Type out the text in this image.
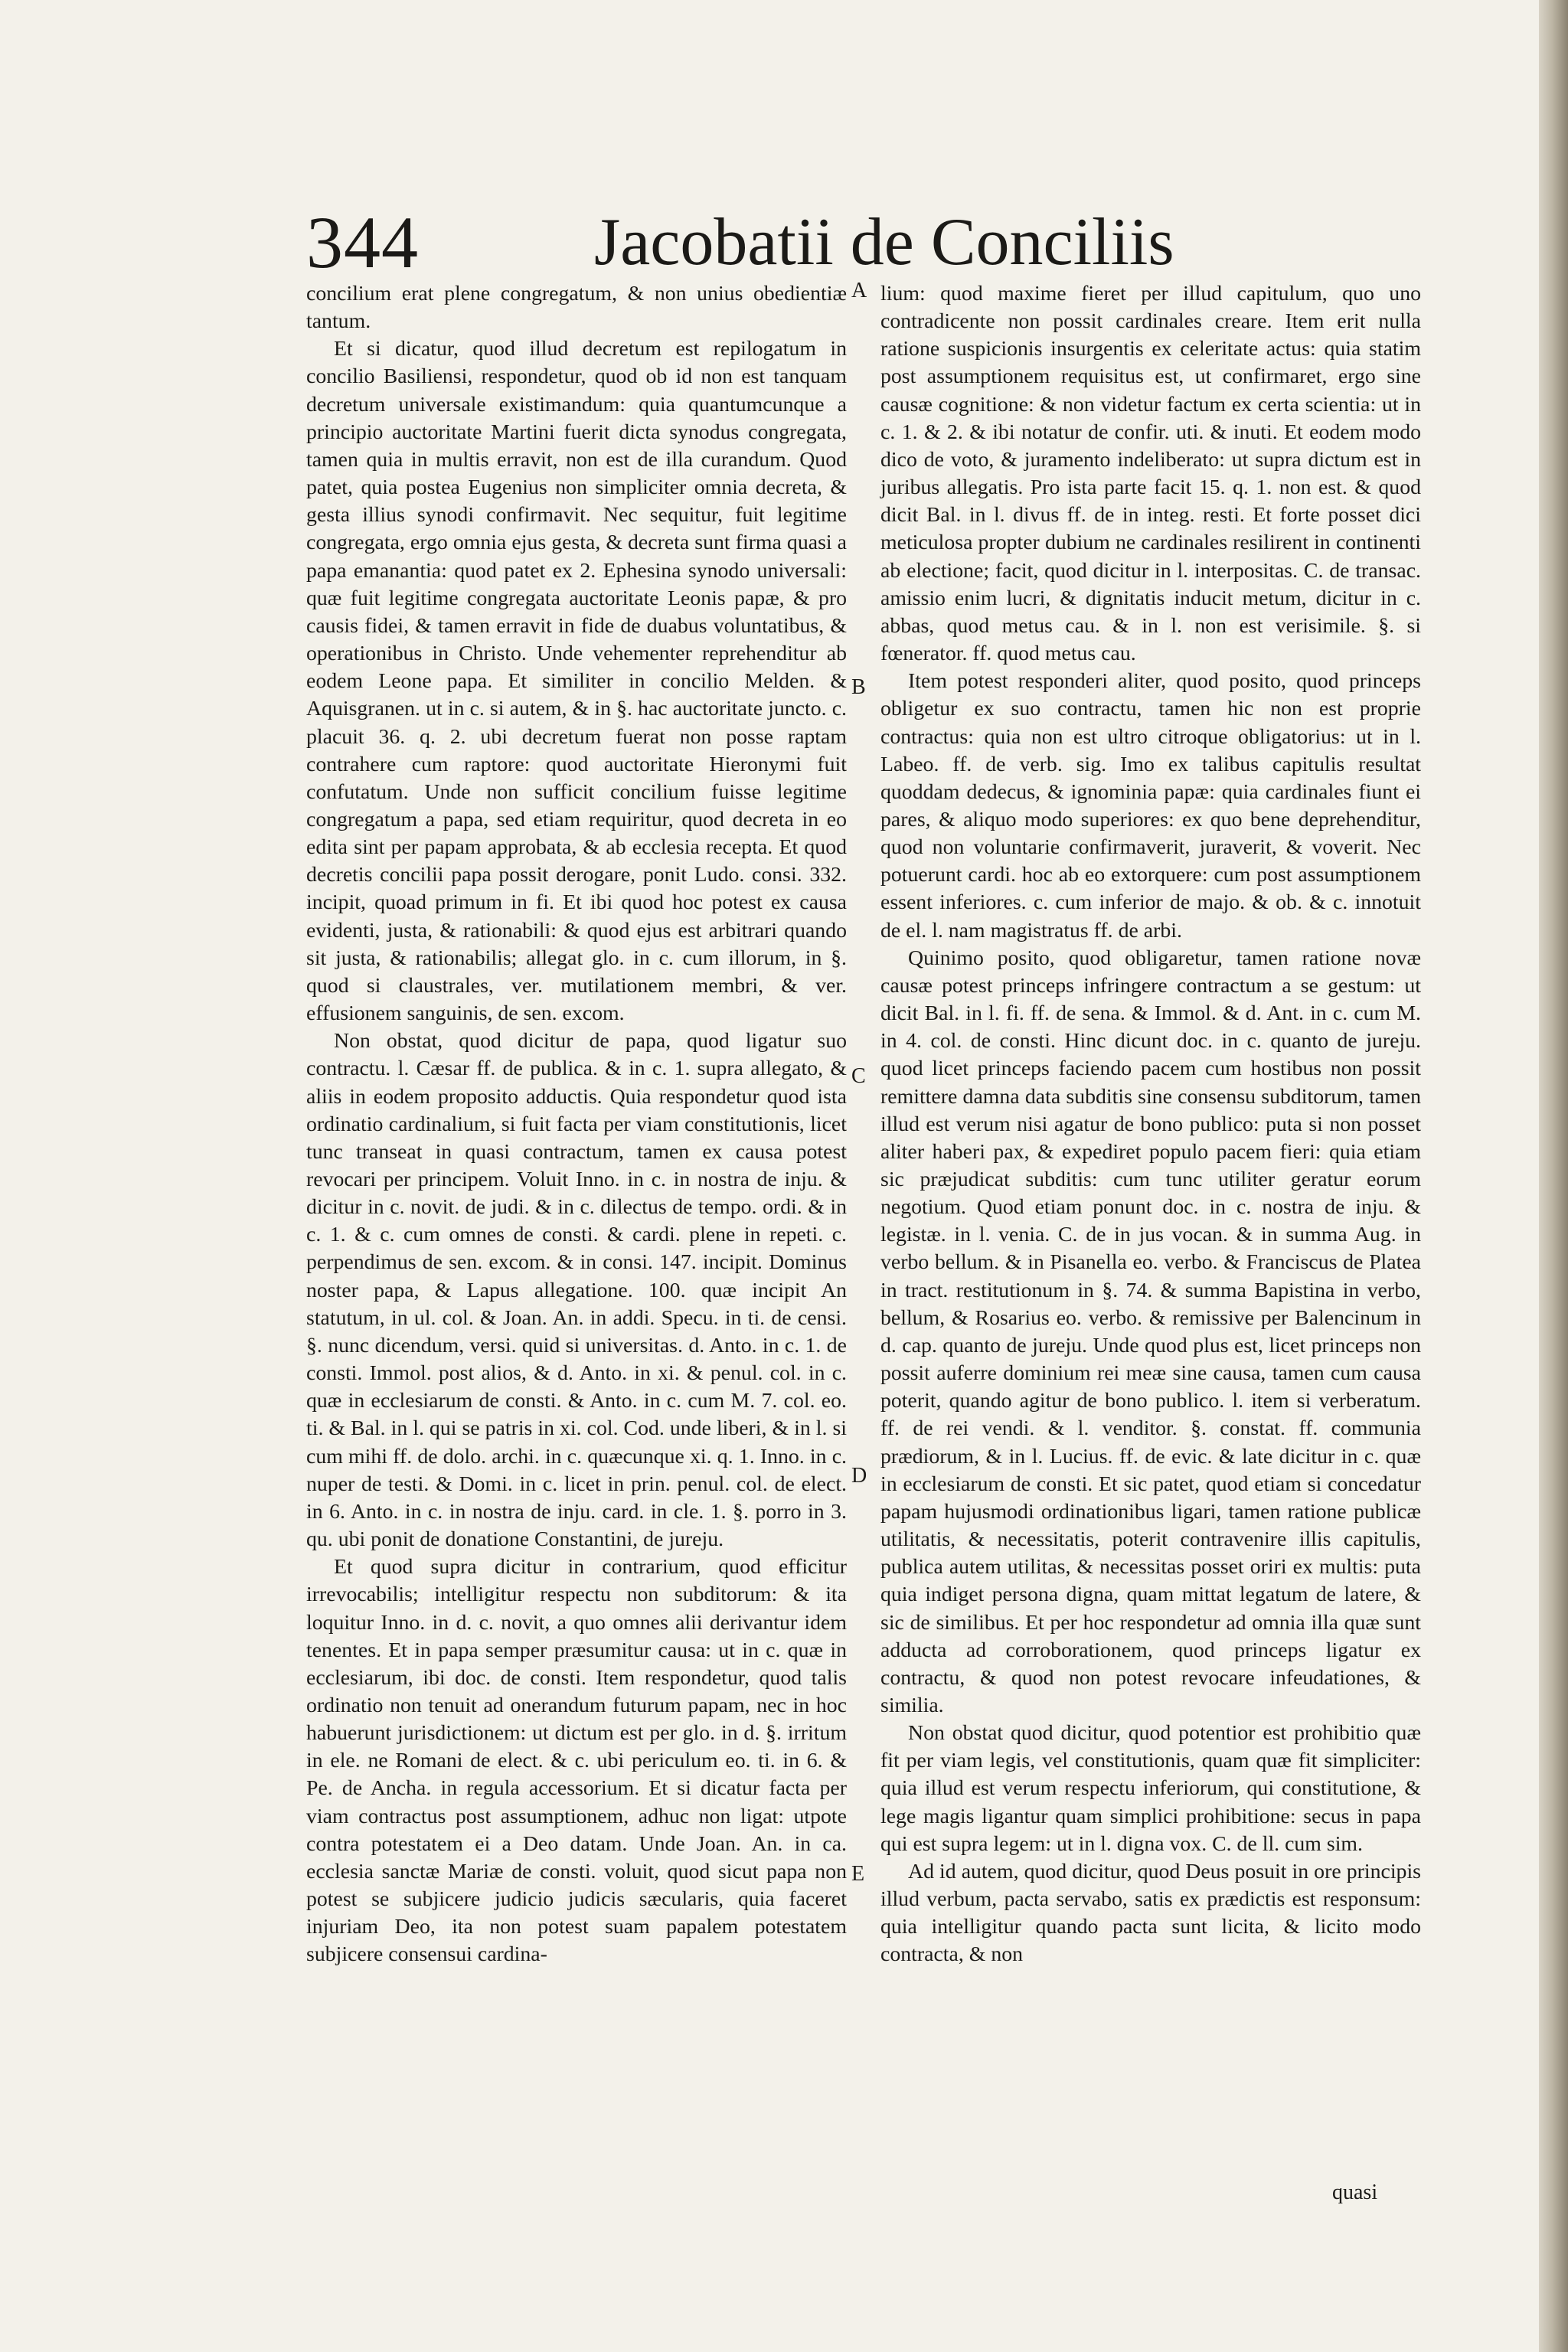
344	Jacobatii de Conciliis
A
B
C
D
E

concilium erat plene congregatum, & non unius obedientiæ tantum.

Et si dicatur, quod illud decretum est repilogatum in concilio Basiliensi, respondetur, quod ob id non est tanquam decretum universale existimandum: quia quantumcunque a principio auctoritate Martini fuerit dicta synodus congregata, tamen quia in multis erravit, non est de illa curandum. Quod patet, quia postea Eugenius non simpliciter omnia decreta, & gesta illius synodi confirmavit. Nec sequitur, fuit legitime congregata, ergo omnia ejus gesta, & decreta sunt firma quasi a papa emanantia: quod patet ex 2. Ephesina synodo universali: quæ fuit legitime congregata auctoritate Leonis papæ, & pro causis fidei, & tamen erravit in fide de duabus voluntatibus, & operationibus in Christo. Unde vehementer reprehenditur ab eodem Leone papa. Et similiter in concilio Melden. & Aquisgranen. ut in c. si autem, & in §. hac auctoritate juncto. c. placuit 36. q. 2. ubi decretum fuerat non posse raptam contrahere cum raptore: quod auctoritate Hieronymi fuit confutatum. Unde non sufficit concilium fuisse legitime congregatum a papa, sed etiam requiritur, quod decreta in eo edita sint per papam approbata, & ab ecclesia recepta. Et quod decretis concilii papa possit derogare, ponit Ludo. consi. 332. incipit, quoad primum in fi. Et ibi quod hoc potest ex causa evidenti, justa, & rationabili: & quod ejus est arbitrari quando sit justa, & rationabilis; allegat glo. in c. cum illorum, in §. quod si claustrales, ver. mutilationem membri, & ver. effusionem sanguinis, de sen. excom.

Non obstat, quod dicitur de papa, quod ligatur suo contractu. l. Cæsar ff. de publica. & in c. 1. supra allegato, & aliis in eodem proposito adductis. Quia respondetur quod ista ordinatio cardinalium, si fuit facta per viam constitutionis, licet tunc transeat in quasi contractum, tamen ex causa potest revocari per principem. Voluit Inno. in c. in nostra de inju. & dicitur in c. novit. de judi. & in c. dilectus de tempo. ordi. & in c. 1. & c. cum omnes de consti. & cardi. plene in repeti. c. perpendimus de sen. excom. & in consi. 147. incipit. Dominus noster papa, & Lapus allegatione. 100. quæ incipit An statutum, in ul. col. & Joan. An. in addi. Specu. in ti. de censi. §. nunc dicendum, versi. quid si universitas. d. Anto. in c. 1. de consti. Immol. post alios, & d. Anto. in xi. & penul. col. in c. quæ in ecclesiarum de consti. & Anto. in c. cum M. 7. col. eo. ti. & Bal. in l. qui se patris in xi. col. Cod. unde liberi, & in l. si cum mihi ff. de dolo. archi. in c. quæcunque xi. q. 1. Inno. in c. nuper de testi. & Domi. in c. licet in prin. penul. col. de elect. in 6. Anto. in c. in nostra de inju. card. in cle. 1. §. porro in 3. qu. ubi ponit de donatione Constantini, de jureju.

Et quod supra dicitur in contrarium, quod efficitur irrevocabilis; intelligitur respectu non subditorum: & ita loquitur Inno. in d. c. novit, a quo omnes alii derivantur idem tenentes. Et in papa semper præsumitur causa: ut in c. quæ in ecclesiarum, ibi doc. de consti. Item respondetur, quod talis ordinatio non tenuit ad onerandum futurum papam, nec in hoc habuerunt jurisdictionem: ut dictum est per glo. in d. §. irritum in ele. ne Romani de elect. & c. ubi periculum eo. ti. in 6. & Pe. de Ancha. in regula accessorium. Et si dicatur facta per viam contractus post assumptionem, adhuc non ligat: utpote contra potestatem ei a Deo datam. Unde Joan. An. in ca. ecclesia sanctæ Mariæ de consti. voluit, quod sicut papa non potest se subjicere judicio judicis sæcularis, quia faceret injuriam Deo, ita non potest suam papalem potestatem subjicere consensui cardina-

lium: quod maxime fieret per illud capitulum, quo uno contradicente non possit cardinales creare. Item erit nulla ratione suspicionis insurgentis ex celeritate actus: quia statim post assumptionem requisitus est, ut confirmaret, ergo sine causæ cognitione: & non videtur factum ex certa scientia: ut in c. 1. & 2. & ibi notatur de confir. uti. & inuti. Et eodem modo dico de voto, & juramento indeliberato: ut supra dictum est in juribus allegatis. Pro ista parte facit 15. q. 1. non est. & quod dicit Bal. in l. divus ff. de in integ. resti. Et forte posset dici meticulosa propter dubium ne cardinales resilirent in continenti ab electione; facit, quod dicitur in l. interpositas. C. de transac. amissio enim lucri, & dignitatis inducit metum, dicitur in c. abbas, quod metus cau. & in l. non est verisimile. §. si fœnerator. ff. quod metus cau.

Item potest responderi aliter, quod posito, quod princeps obligetur ex suo contractu, tamen hic non est proprie contractus: quia non est ultro citroque obligatorius: ut in l. Labeo. ff. de verb. sig. Imo ex talibus capitulis resultat quoddam dedecus, & ignominia papæ: quia cardinales fiunt ei pares, & aliquo modo superiores: ex quo bene deprehenditur, quod non voluntarie confirmaverit, juraverit, & voverit. Nec potuerunt cardi. hoc ab eo extorquere: cum post assumptionem essent inferiores. c. cum inferior de majo. & ob. & c. innotuit de el. l. nam magistratus ff. de arbi.

Quinimo posito, quod obligaretur, tamen ratione novæ causæ potest princeps infringere contractum a se gestum: ut dicit Bal. in l. fi. ff. de sena. & Immol. & d. Ant. in c. cum M. in 4. col. de consti. Hinc dicunt doc. in c. quanto de jureju. quod licet princeps faciendo pacem cum hostibus non possit remittere damna data subditis sine consensu subditorum, tamen illud est verum nisi agatur de bono publico: puta si non posset aliter haberi pax, & expediret populo pacem fieri: quia etiam sic præjudicat subditis: cum tunc utiliter geratur eorum negotium. Quod etiam ponunt doc. in c. nostra de inju. & legistæ. in l. venia. C. de in jus vocan. & in summa Aug. in verbo bellum. & in Pisanella eo. verbo. & Franciscus de Platea in tract. restitutionum in §. 74. & summa Bapistina in verbo, bellum, & Rosarius eo. verbo. & remissive per Balencinum in d. cap. quanto de jureju. Unde quod plus est, licet princeps non possit auferre dominium rei meæ sine causa, tamen cum causa poterit, quando agitur de bono publico. l. item si verberatum. ff. de rei vendi. & l. venditor. §. constat. ff. communia prædiorum, & in l. Lucius. ff. de evic. & late dicitur in c. quæ in ecclesiarum de consti. Et sic patet, quod etiam si concedatur papam hujusmodi ordinationibus ligari, tamen ratione publicæ utilitatis, & necessitatis, poterit contravenire illis capitulis, publica autem utilitas, & necessitas posset oriri ex multis: puta quia indiget persona digna, quam mittat legatum de latere, & sic de similibus. Et per hoc respondetur ad omnia illa quæ sunt adducta ad corroborationem, quod princeps ligatur ex contractu, & quod non potest revocare infeudationes, & similia.

Non obstat quod dicitur, quod potentior est prohibitio quæ fit per viam legis, vel constitutionis, quam quæ fit simpliciter: quia illud est verum respectu inferiorum, qui constitutione, & lege magis ligantur quam simplici prohibitione: secus in papa qui est supra legem: ut in l. digna vox. C. de ll. cum sim.

Ad id autem, quod dicitur, quod Deus posuit in ore principis illud verbum, pacta servabo, satis ex prædictis est responsum: quia intelligitur quando pacta sunt licita, & licito modo contracta, & non

quasi
